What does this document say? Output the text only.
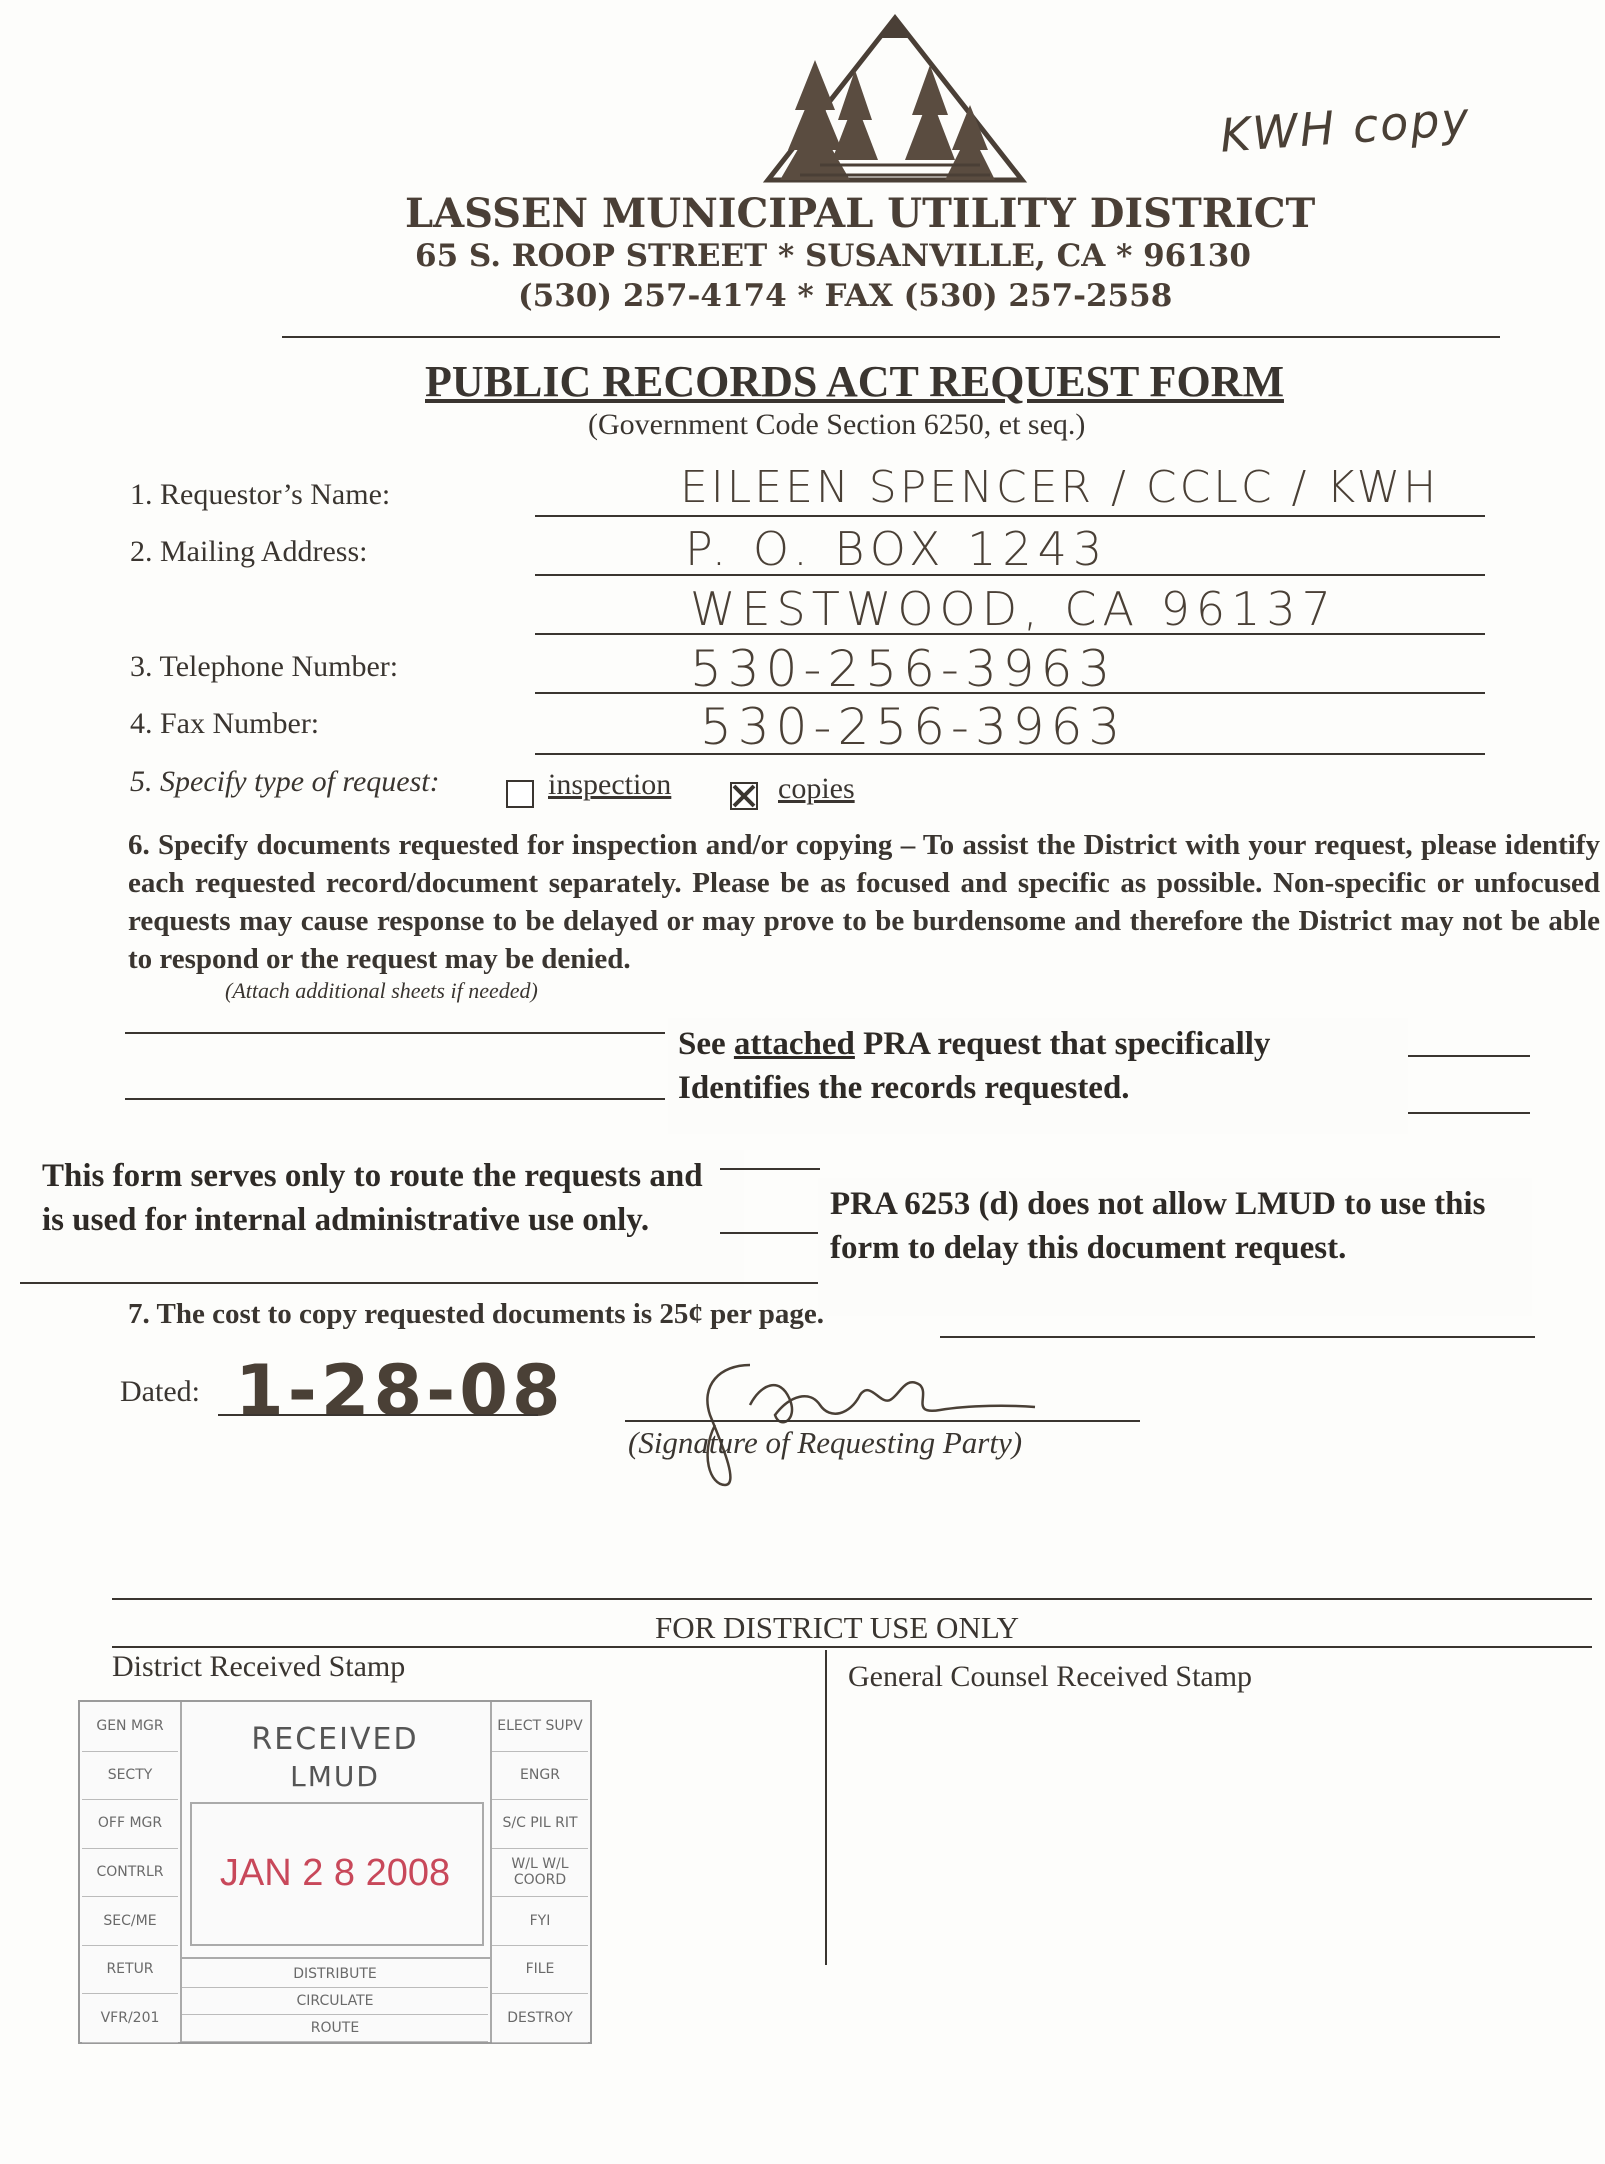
KWH copy
LASSEN MUNICIPAL UTILITY DISTRICT
65 S. ROOP STREET * SUSANVILLE, CA * 96130
(530) 257-4174 * FAX (530) 257-2558
PUBLIC RECORDS ACT REQUEST FORM
(Government Code Section 6250, et seq.)
1. Requestor’s Name:	EILEEN SPENCER / CCLC / KWH
2. Mailing Address:	P. O. BOX 1243
WESTWOOD, CA 96137
3. Telephone Number:	530-256-3963
4. Fax Number:	530-256-3963
5. Specify type of request:	inspection	copies
6. Specify documents requested for inspection and/or copying – To assist the District with your request, please identify each requested record/document separately. Please be as focused and specific as possible. Non-specific or unfocused requests may cause response to be delayed or may prove to be burdensome and therefore the District may not be able to respond or the request may be denied.
(Attach additional sheets if needed)
See attached PRA request that specifically
Identifies the records requested.
This form serves only to route the requests and is used for internal administrative use only.	PRA 6253 (d) does not allow LMUD to use this form to delay this document request.
7. The cost to copy requested documents is 25¢ per page.
Dated: 1-28-08
(Signature of Requesting Party)
FOR DISTRICT USE ONLY
District Received Stamp	General Counsel Received Stamp
RECEIVED
LMUD
JAN 2 8 2008
GEN MGR
SECTY
OFF MGR
CONTRLR
SEC/ME
RETUR
VFR/201
ELECT SUPV
ENGR
S/C PIL RIT
W/L W/L COORD
FYI
FILE
DESTROY
DISTRIBUTE
CIRCULATE
ROUTE
